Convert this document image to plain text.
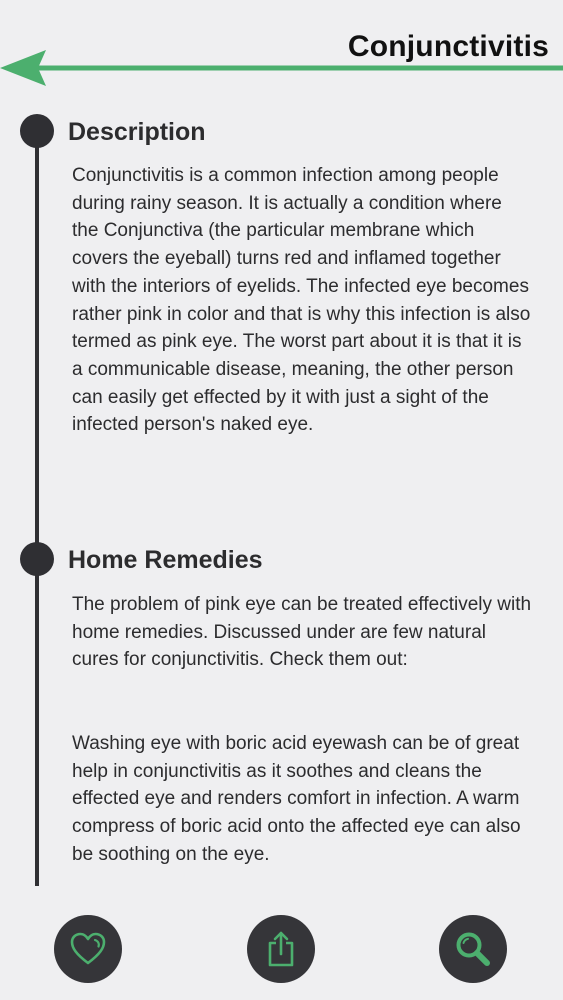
Conjunctivitis
Description

Conjunctivitis is a common infection among people during rainy season. It is actually a condition where the Conjunctiva (the particular membrane which covers the eyeball) turns red and inflamed together with the interiors of eyelids. The infected eye becomes rather pink in color and that is why this infection is also termed as pink eye. The worst part about it is that it is a communicable disease, meaning, the other person can easily get effected by it with just a sight of the infected person's naked eye.

Home Remedies

The problem of pink eye can be treated effectively with home remedies. Discussed under are few natural cures for conjunctivitis. Check them out:

Washing eye with boric acid eyewash can be of great help in conjunctivitis as it soothes and cleans the effected eye and renders comfort in infection. A warm compress of boric acid onto the affected eye can also be soothing on the eye.
